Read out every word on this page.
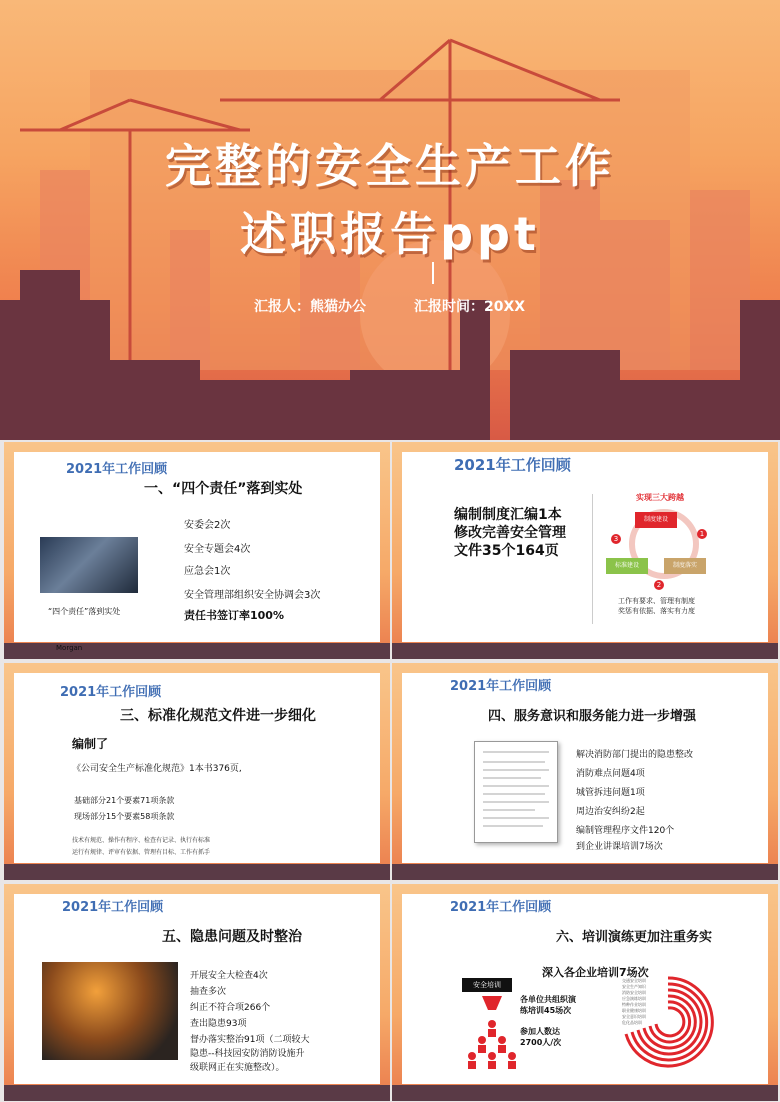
完整的安全生产工作
述职报告ppt
汇报人：熊猫办公	汇报时间：20XX
2021年工作回顾
一、“四个责任”落到实处
“四个责任”落到实处
Morgan
安委会2次
安全专题会4次
应急会1次
安全管理部组织安全协调会3次
责任书签订率100%
2021年工作回顾
编制制度汇编1本
修改完善安全管理
文件35个164页
实现三大跨越
制度建设
标准建设	制度落实
1
2
3
工作有要求、管理有制度
奖惩有依据、落实有力度
2021年工作回顾
三、标准化规范文件进一步细化
编制了
《公司安全生产标准化规范》1本书376页,
基础部分21个要素71项条款
现场部分15个要素58项条款
技术有规范、操作有程序、检查有记录、执行有标准
运行有规律、评审有依据、管理有目标、工作有抓手
2021年工作回顾
四、服务意识和服务能力进一步增强
解决消防部门提出的隐患整改
消防难点问题4项
城管拆违问题1项
周边治安纠纷2起
编制管理程序文件120个
到企业讲课培训7场次
2021年工作回顾
五、隐患问题及时整治
开展安全大检查4次
抽查多次
纠正不符合项266个
查出隐患93项
督办落实整治91项（二项较大
隐患--科技园安防消防设施升
级联网正在实施整改）。
2021年工作回顾
六、培训演练更加注重务实
深入各企业培训7场次
安全培训
各单位共组织演
练培训45场次
参加人数达
2700人/次
交通安全培训
安全生产知识
消防安全培训
应急演练培训
特种作业培训
职业健康培训
安全意识培训
危化品培训
